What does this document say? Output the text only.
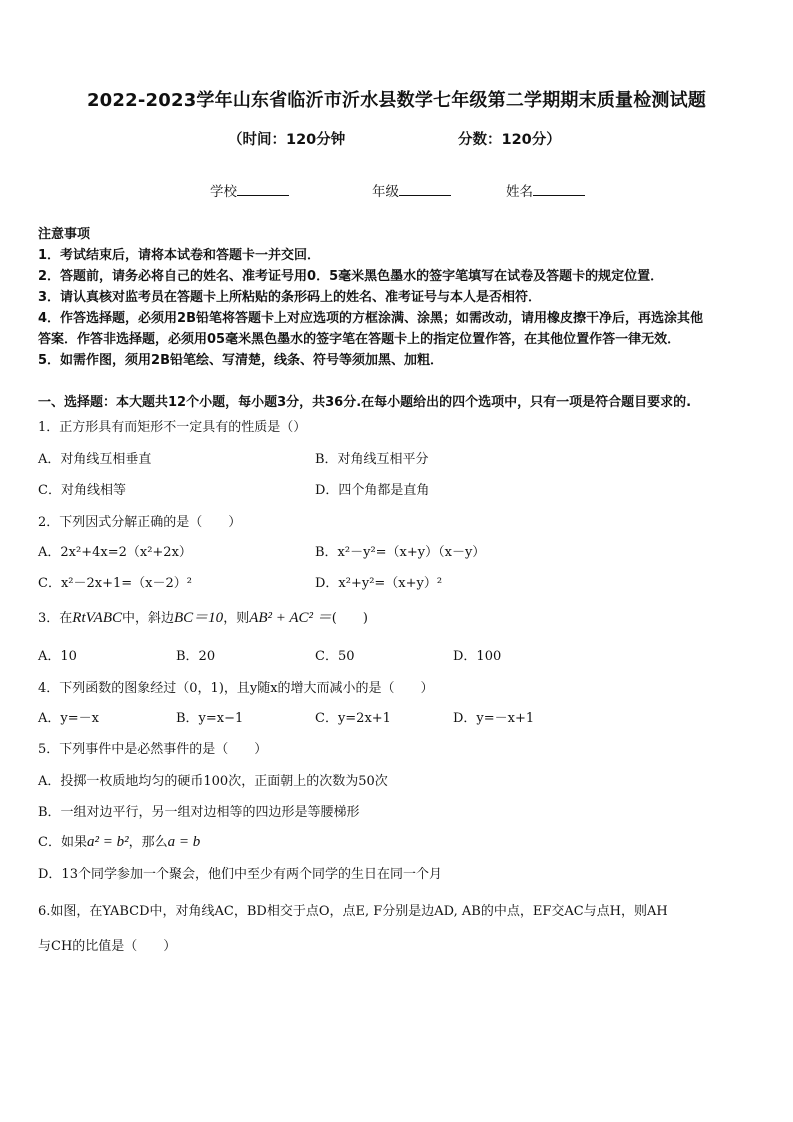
2022-2023学年山东省临沂市沂水县数学七年级第二学期期末质量检测试题
（时间：120分钟	分数：120分）
学校	年级	姓名
注意事项
1．考试结束后，请将本试卷和答题卡一并交回．
2．答题前，请务必将自己的姓名、准考证号用0．5毫米黑色墨水的签字笔填写在试卷及答题卡的规定位置．
3．请认真核对监考员在答题卡上所粘贴的条形码上的姓名、准考证号与本人是否相符．
4．作答选择题，必须用2B铅笔将答题卡上对应选项的方框涂满、涂黑；如需改动，请用橡皮擦干净后，再选涂其他
答案．作答非选择题，必须用05毫米黑色墨水的签字笔在答题卡上的指定位置作答，在其他位置作答一律无效．
5．如需作图，须用2B铅笔绘、写清楚，线条、符号等须加黑、加粗．
一、选择题：本大题共12个小题，每小题3分，共36分.在每小题给出的四个选项中，只有一项是符合题目要求的.
1．正方形具有而矩形不一定具有的性质是（）
A．对角线互相垂直	B．对角线互相平分
C．对角线相等	D．四个角都是直角
2．下列因式分解正确的是（　　）
A．2x²+4x=2（x²+2x）	B．x²－y²=（x+y）（x－y）
C．x²－2x+1=（x－2）²	D．x²+y²=（x+y）²
3．在RtVABC中，斜边BC＝10，则AB² + AC² ＝(　　)
A．10	B．20	C．50	D．100
4．下列函数的图象经过（0，1)，且y随x的增大而减小的是（　　）
A．y=－x	B．y=x−1	C．y=2x+1	D．y=－x+1
5．下列事件中是必然事件的是（　　）
A．投掷一枚质地均匀的硬币100次，正面朝上的次数为50次
B．一组对边平行，另一组对边相等的四边形是等腰梯形
C．如果a² = b²，那么a = b
D．13个同学参加一个聚会，他们中至少有两个同学的生日在同一个月
6.如图，在YABCD中，对角线AC，BD相交于点O，点E, F分别是边AD, AB的中点，EF交AC与点H，则AH
与CH的比值是（　　）
